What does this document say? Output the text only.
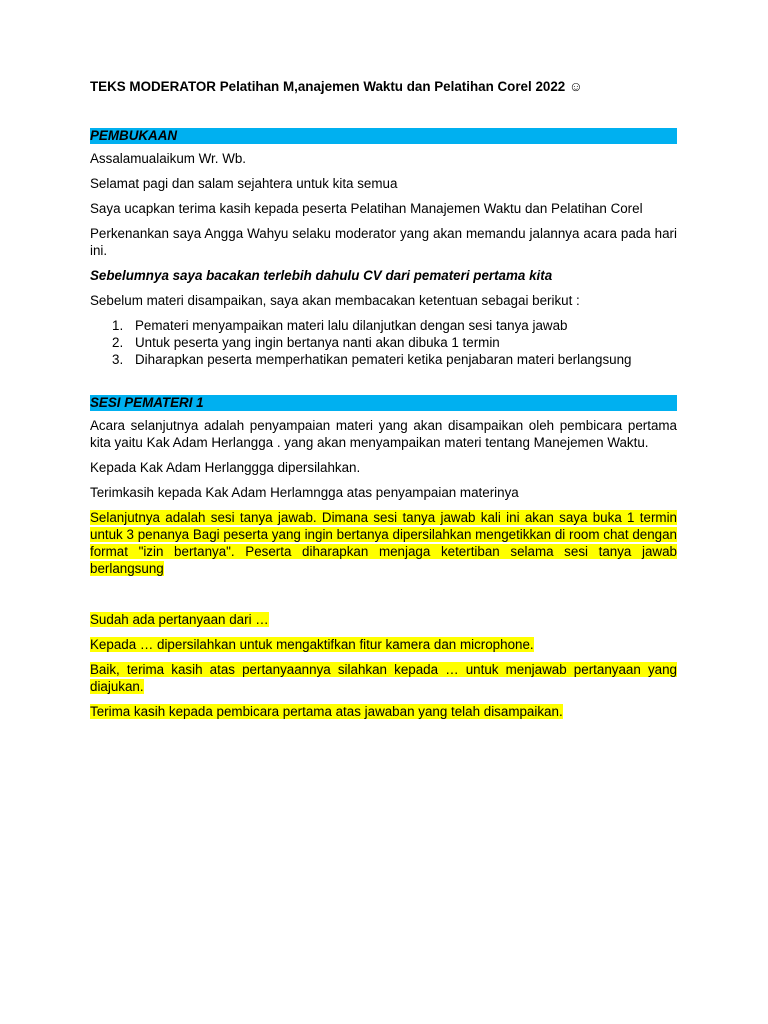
TEKS MODERATOR Pelatihan M,anajemen Waktu dan Pelatihan Corel 2022 ☺
PEMBUKAAN

Assalamualaikum Wr. Wb.

Selamat pagi dan salam sejahtera untuk kita semua

Saya ucapkan terima kasih kepada peserta Pelatihan Manajemen Waktu dan Pelatihan Corel

Perkenankan saya Angga Wahyu selaku moderator yang akan memandu jalannya acara pada hari ini.

Sebelumnya saya bacakan terlebih dahulu CV dari pemateri pertama kita

Sebelum materi disampaikan, saya akan membacakan ketentuan sebagai berikut :

1. Pemateri menyampaikan materi lalu dilanjutkan dengan sesi tanya jawab
2. Untuk peserta yang ingin bertanya nanti akan dibuka 1 termin
3. Diharapkan peserta memperhatikan pemateri ketika penjabaran materi berlangsung
SESI PEMATERI 1

Acara selanjutnya adalah penyampaian materi yang akan disampaikan oleh pembicara pertama kita yaitu Kak Adam Herlangga . yang akan menyampaikan materi tentang Manejemen Waktu.

Kepada Kak Adam Herlanggga dipersilahkan.

Terimkasih kepada Kak Adam Herlamngga atas penyampaian materinya

Selanjutnya adalah sesi tanya jawab. Dimana sesi tanya jawab kali ini akan saya buka 1 termin untuk 3 penanya Bagi peserta yang ingin bertanya dipersilahkan mengetikkan di room chat dengan format "izin bertanya". Peserta diharapkan menjaga ketertiban selama sesi tanya jawab berlangsung

Sudah ada pertanyaan dari …

Kepada … dipersilahkan untuk mengaktifkan fitur kamera dan microphone.

Baik, terima kasih atas pertanyaannya silahkan kepada … untuk menjawab pertanyaan yang diajukan.

Terima kasih kepada pembicara pertama atas jawaban yang telah disampaikan.
